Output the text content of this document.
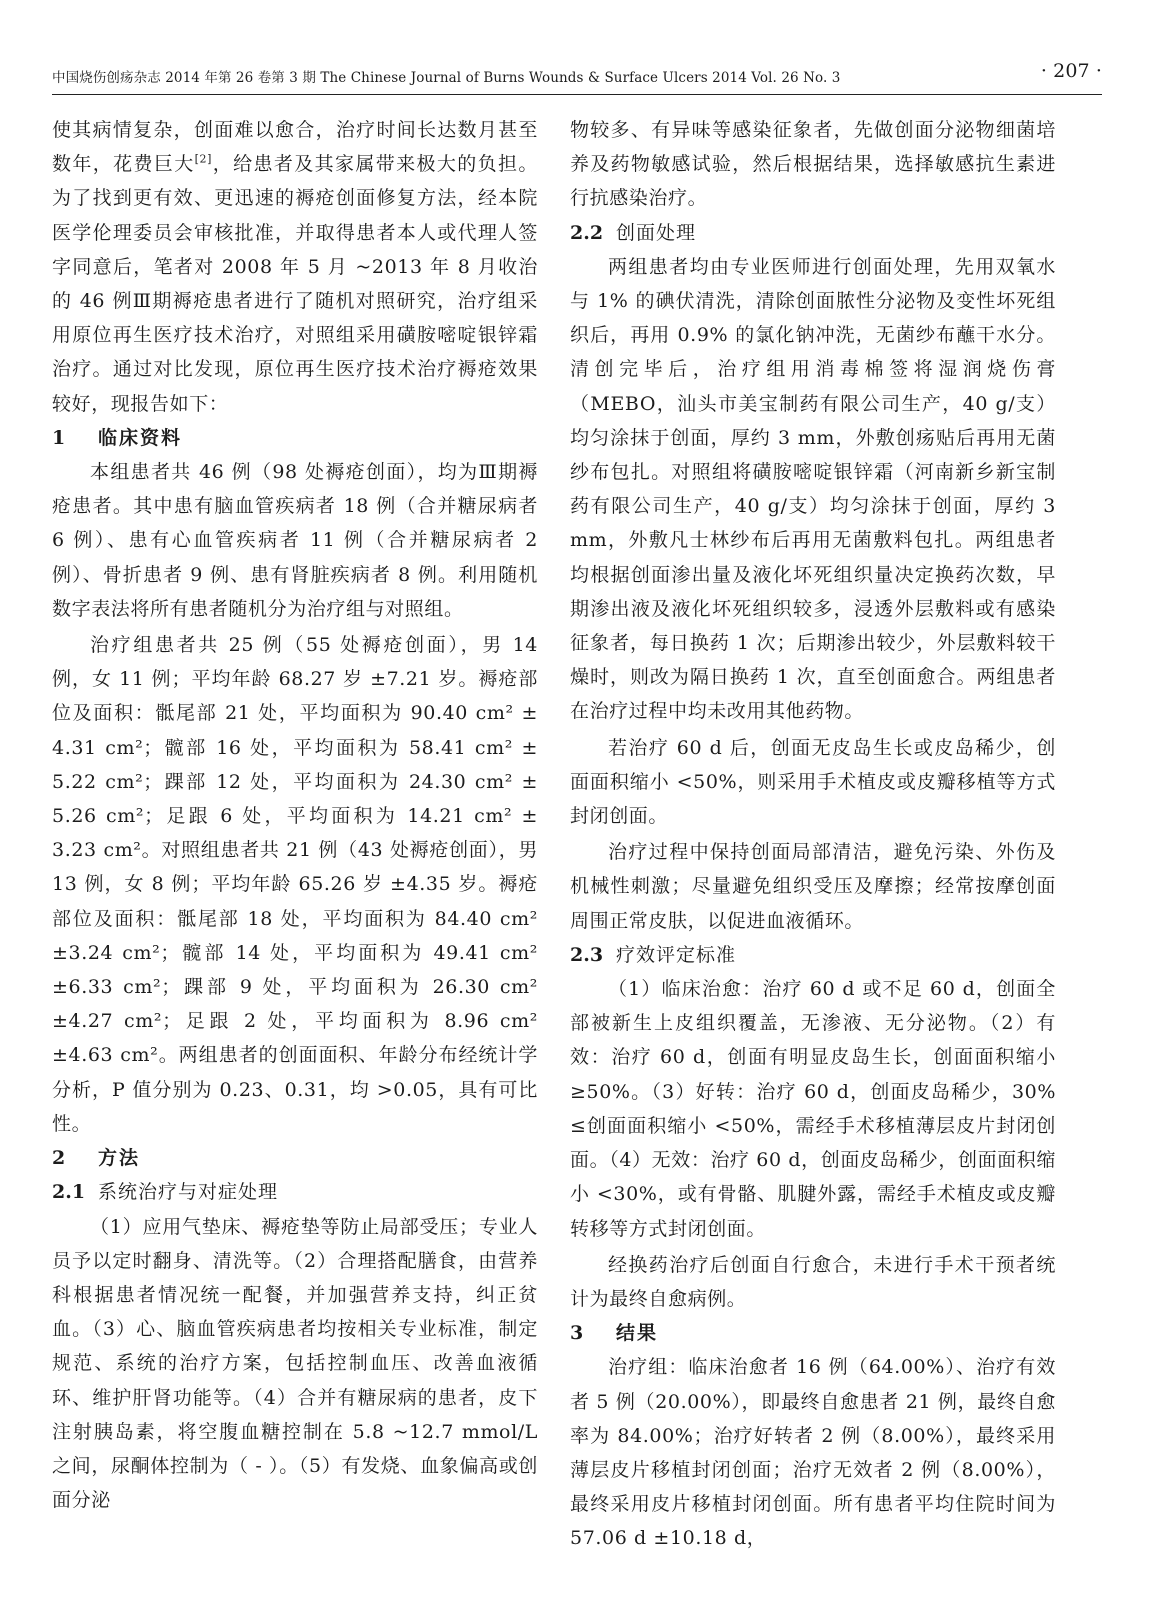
中国烧伤创疡杂志 2014 年第 26 卷第 3 期 The Chinese Journal of Burns Wounds & Surface Ulcers 2014 Vol. 26 No. 3	· 207 ·

使其病情复杂，创面难以愈合，治疗时间长达数月甚至数年，花费巨大[2]，给患者及其家属带来极大的负担。为了找到更有效、更迅速的褥疮创面修复方法，经本院医学伦理委员会审核批准，并取得患者本人或代理人签字同意后，笔者对 2008 年 5 月 ~2013 年 8 月收治的 46 例Ⅲ期褥疮患者进行了随机对照研究，治疗组采用原位再生医疗技术治疗，对照组采用磺胺嘧啶银锌霜治疗。通过对比发现，原位再生医疗技术治疗褥疮效果较好，现报告如下：

1 临床资料

本组患者共 46 例（98 处褥疮创面），均为Ⅲ期褥疮患者。其中患有脑血管疾病者 18 例（合并糖尿病者 6 例）、患有心血管疾病者 11 例（合并糖尿病者 2 例）、骨折患者 9 例、患有肾脏疾病者 8 例。利用随机数字表法将所有患者随机分为治疗组与对照组。

治疗组患者共 25 例（55 处褥疮创面），男 14 例，女 11 例；平均年龄 68.27 岁 ±7.21 岁。褥疮部位及面积：骶尾部 21 处，平均面积为 90.40 cm² ± 4.31 cm²；髋部 16 处，平均面积为 58.41 cm² ± 5.22 cm²；踝部 12 处，平均面积为 24.30 cm² ± 5.26 cm²；足跟 6 处，平均面积为 14.21 cm² ± 3.23 cm²。对照组患者共 21 例（43 处褥疮创面），男 13 例，女 8 例；平均年龄 65.26 岁 ±4.35 岁。褥疮部位及面积：骶尾部 18 处，平均面积为 84.40 cm² ±3.24 cm²；髋部 14 处，平均面积为 49.41 cm² ±6.33 cm²；踝部 9 处，平均面积为 26.30 cm² ±4.27 cm²；足跟 2 处，平均面积为 8.96 cm² ±4.63 cm²。两组患者的创面面积、年龄分布经统计学分析，P 值分别为 0.23、0.31，均 >0.05，具有可比性。

2 方法
2.1 系统治疗与对症处理

（1）应用气垫床、褥疮垫等防止局部受压；专业人员予以定时翻身、清洗等。（2）合理搭配膳食，由营养科根据患者情况统一配餐，并加强营养支持，纠正贫血。（3）心、脑血管疾病患者均按相关专业标准，制定规范、系统的治疗方案，包括控制血压、改善血液循环、维护肝肾功能等。（4）合并有糖尿病的患者，皮下注射胰岛素，将空腹血糖控制在 5.8 ~12.7 mmol/L 之间，尿酮体控制为（ - ）。（5）有发烧、血象偏高或创面分泌

物较多、有异味等感染征象者，先做创面分泌物细菌培养及药物敏感试验，然后根据结果，选择敏感抗生素进行抗感染治疗。

2.2 创面处理

两组患者均由专业医师进行创面处理，先用双氧水与 1% 的碘伏清洗，清除创面脓性分泌物及变性坏死组织后，再用 0.9% 的氯化钠冲洗，无菌纱布蘸干水分。清创完毕后，治疗组用消毒棉签将湿润烧伤膏（MEBO，汕头市美宝制药有限公司生产，40 g/支）均匀涂抹于创面，厚约 3 mm，外敷创疡贴后再用无菌纱布包扎。对照组将磺胺嘧啶银锌霜（河南新乡新宝制药有限公司生产，40 g/支）均匀涂抹于创面，厚约 3 mm，外敷凡士林纱布后再用无菌敷料包扎。两组患者均根据创面渗出量及液化坏死组织量决定换药次数，早期渗出液及液化坏死组织较多，浸透外层敷料或有感染征象者，每日换药 1 次；后期渗出较少，外层敷料较干燥时，则改为隔日换药 1 次，直至创面愈合。两组患者在治疗过程中均未改用其他药物。

若治疗 60 d 后，创面无皮岛生长或皮岛稀少，创面面积缩小 <50%，则采用手术植皮或皮瓣移植等方式封闭创面。

治疗过程中保持创面局部清洁，避免污染、外伤及机械性刺激；尽量避免组织受压及摩擦；经常按摩创面周围正常皮肤，以促进血液循环。

2.3 疗效评定标准

（1）临床治愈：治疗 60 d 或不足 60 d，创面全部被新生上皮组织覆盖，无渗液、无分泌物。（2）有效：治疗 60 d，创面有明显皮岛生长，创面面积缩小≥50%。（3）好转：治疗 60 d，创面皮岛稀少，30% ≤创面面积缩小 <50%，需经手术移植薄层皮片封闭创面。（4）无效：治疗 60 d，创面皮岛稀少，创面面积缩小 <30%，或有骨骼、肌腱外露，需经手术植皮或皮瓣转移等方式封闭创面。

经换药治疗后创面自行愈合，未进行手术干预者统计为最终自愈病例。

3 结果

治疗组：临床治愈者 16 例（64.00%）、治疗有效者 5 例（20.00%），即最终自愈患者 21 例，最终自愈率为 84.00%；治疗好转者 2 例（8.00%），最终采用薄层皮片移植封闭创面；治疗无效者 2 例（8.00%），最终采用皮片移植封闭创面。所有患者平均住院时间为 57.06 d ±10.18 d，
